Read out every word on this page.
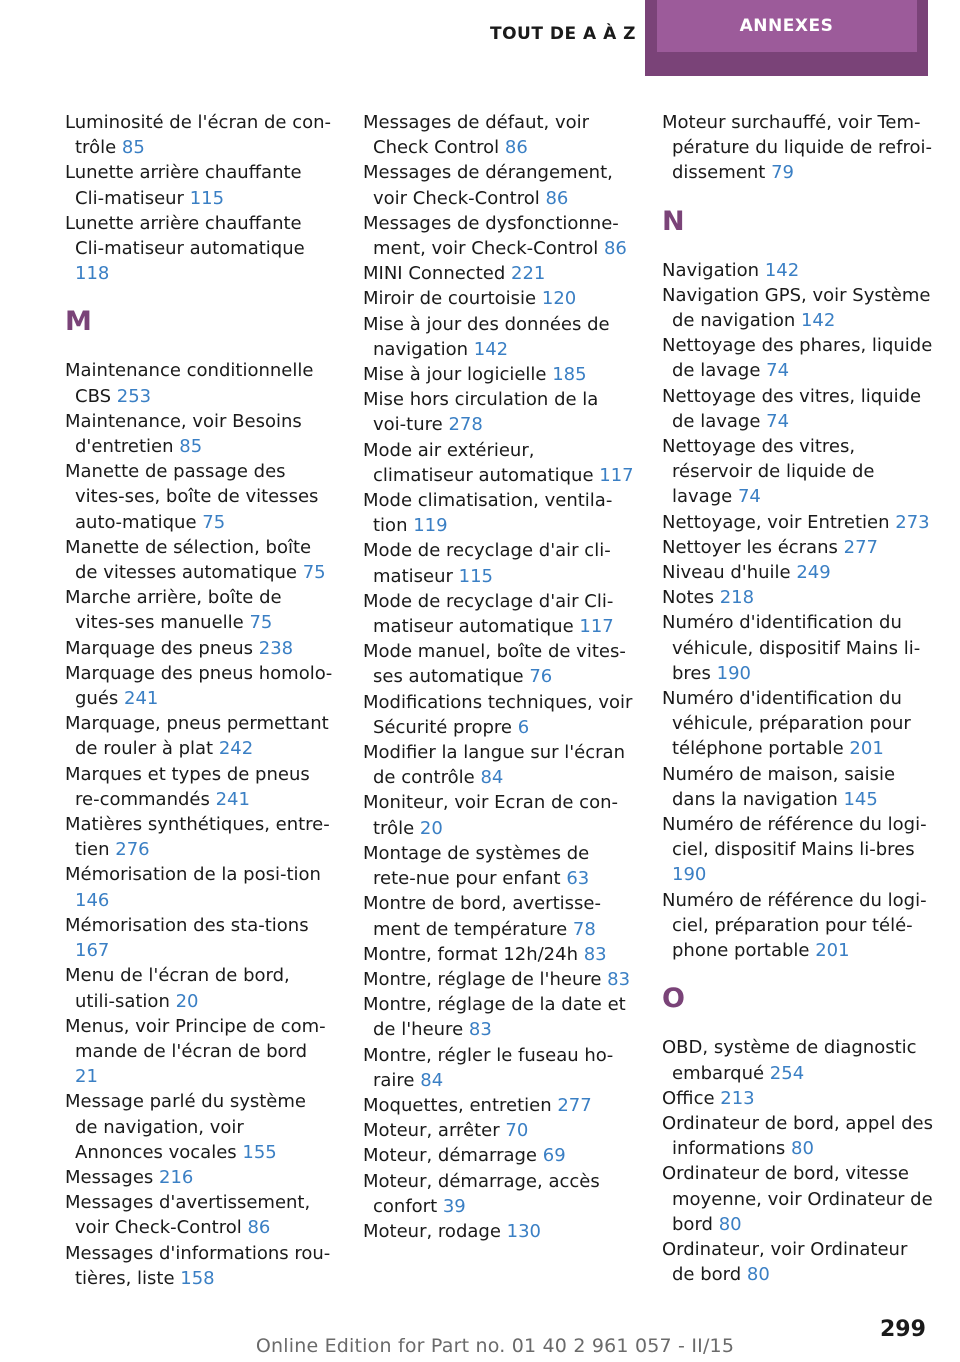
TOUT DE A À Z	ANNEXES
Luminosité de l'écran de con‐trôle 85
Lunette arrière chauffante Cli‐matiseur 115
Lunette arrière chauffante Cli‐matiseur automatique 118
M
Maintenance conditionnelle CBS 253
Maintenance, voir Besoins d'entretien 85
Manette de passage des vites‐ses, boîte de vitesses auto‐matique 75
Manette de sélection, boîte de vitesses automatique 75
Marche arrière, boîte de vites‐ses manuelle 75
Marquage des pneus 238
Marquage des pneus homolo‐gués 241
Marquage, pneus permettant de rouler à plat 242
Marques et types de pneus re‐commandés 241
Matières synthétiques, entre‐tien 276
Mémorisation de la posi‐tion 146
Mémorisation des sta‐tions 167
Menu de l'écran de bord, utili‐sation 20
Menus, voir Principe de com‐mande de l'écran de bord 21
Message parlé du système de navigation, voir Annonces vocales 155
Messages 216
Messages d'avertissement, voir Check-Control 86
Messages d'informations rou‐tières, liste 158
Messages de défaut, voir Check Control 86
Messages de dérangement, voir Check-Control 86
Messages de dysfonctionne‐ment, voir Check-Control 86
MINI Connected 221
Miroir de courtoisie 120
Mise à jour des données de navigation 142
Mise à jour logicielle 185
Mise hors circulation de la voi‐ture 278
Mode air extérieur, climatiseur automatique 117
Mode climatisation, ventila‐tion 119
Mode de recyclage d'air cli‐matiseur 115
Mode de recyclage d'air Cli‐matiseur automatique 117
Mode manuel, boîte de vites‐ses automatique 76
Modifications techniques, voir Sécurité propre 6
Modifier la langue sur l'écran de contrôle 84
Moniteur, voir Ecran de con‐trôle 20
Montage de systèmes de rete‐nue pour enfant 63
Montre de bord, avertisse‐ment de température 78
Montre, format 12h/24h 83
Montre, réglage de l'heure 83
Montre, réglage de la date et de l'heure 83
Montre, régler le fuseau ho‐raire 84
Moquettes, entretien 277
Moteur, arrêter 70
Moteur, démarrage 69
Moteur, démarrage, accès confort 39
Moteur, rodage 130
Moteur surchauffé, voir Tem‐pérature du liquide de refroi‐dissement 79
N
Navigation 142
Navigation GPS, voir Système de navigation 142
Nettoyage des phares, liquide de lavage 74
Nettoyage des vitres, liquide de lavage 74
Nettoyage des vitres, réservoir de liquide de lavage 74
Nettoyage, voir Entretien 273
Nettoyer les écrans 277
Niveau d'huile 249
Notes 218
Numéro d'identification du véhicule, dispositif Mains li‐bres 190
Numéro d'identification du véhicule, préparation pour téléphone portable 201
Numéro de maison, saisie dans la navigation 145
Numéro de référence du logi‐ciel, dispositif Mains li‐bres 190
Numéro de référence du logi‐ciel, préparation pour télé‐phone portable 201
O
OBD, système de diagnostic embarqué 254
Office 213
Ordinateur de bord, appel des informations 80
Ordinateur de bord, vitesse moyenne, voir Ordinateur de bord 80
Ordinateur, voir Ordinateur de bord 80
299
Online Edition for Part no. 01 40 2 961 057 - II/15
